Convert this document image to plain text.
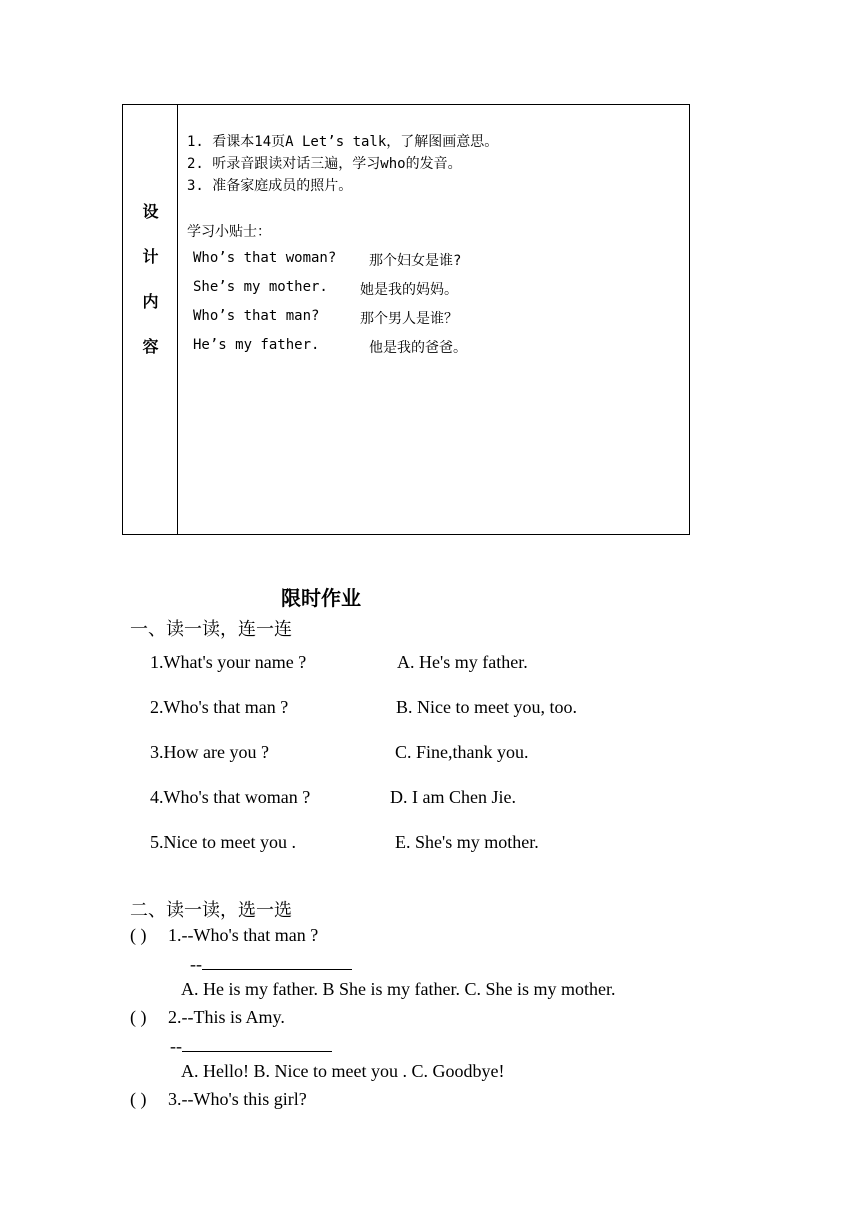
设
计
内
容
1. 看课本14页A Let’s talk，了解图画意思。
2. 听录音跟读对话三遍，学习who的发音。
3. 准备家庭成员的照片。
学习小贴士：
Who’s that woman? 那个妇女是谁?
She’s my mother. 她是我的妈妈。
Who’s that man?	那个男人是谁？
He’s my father.	他是我的爸爸。
限时作业
一、读一读，连一连
1.What's your name ?
2.Who's that man ?
3.How are you ?
4.Who's that woman ?
5.Nice to meet you .
A. He's my father.
B. Nice to meet you, too.
C. Fine,thank you.
D. I am Chen Jie.
E. She's my mother.
二、读一读，选一选
( ) 1.--Who's that man ?
--
A. He is my father. B She is my father. C. She is my mother.
( ) 2.--This is Amy.
--
A. Hello! B. Nice to meet you . C. Goodbye!
( ) 3.--Who's this girl?
